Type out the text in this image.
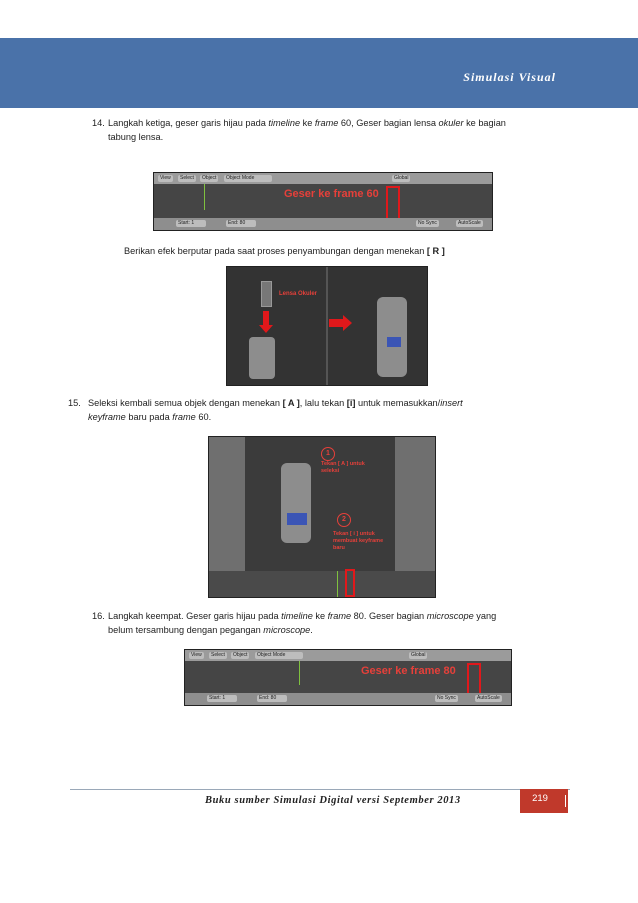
Simulasi Visual
14. Langkah ketiga, geser garis hijau pada timeline ke frame 60, Geser bagian lensa okuler ke bagian
tabung lensa.
View	Select	Object	Object Mode	Global
Geser ke frame 60
Start: 1	End: 80	No Sync	AutoScale
Berikan efek berputar pada saat proses penyambungan dengan menekan [ R ]
Lensa Okuler
15. Seleksi kembali semua objek dengan menekan [ A ], lalu tekan [i] untuk memasukkan/insert
keyframe baru pada frame 60.
1
Tekan [ A ] untuk seleksi
2
Tekan [ i ] untuk membuat keyframe baru
16. Langkah keempat. Geser garis hijau pada timeline ke frame 80. Geser bagian microscope yang
belum tersambung dengan pegangan microscope.
View	Select	Object	Object Mode	Global
Geser ke frame 80
Start: 1	End: 80	No Sync	AutoScale
Buku sumber Simulasi Digital versi September 2013	219
